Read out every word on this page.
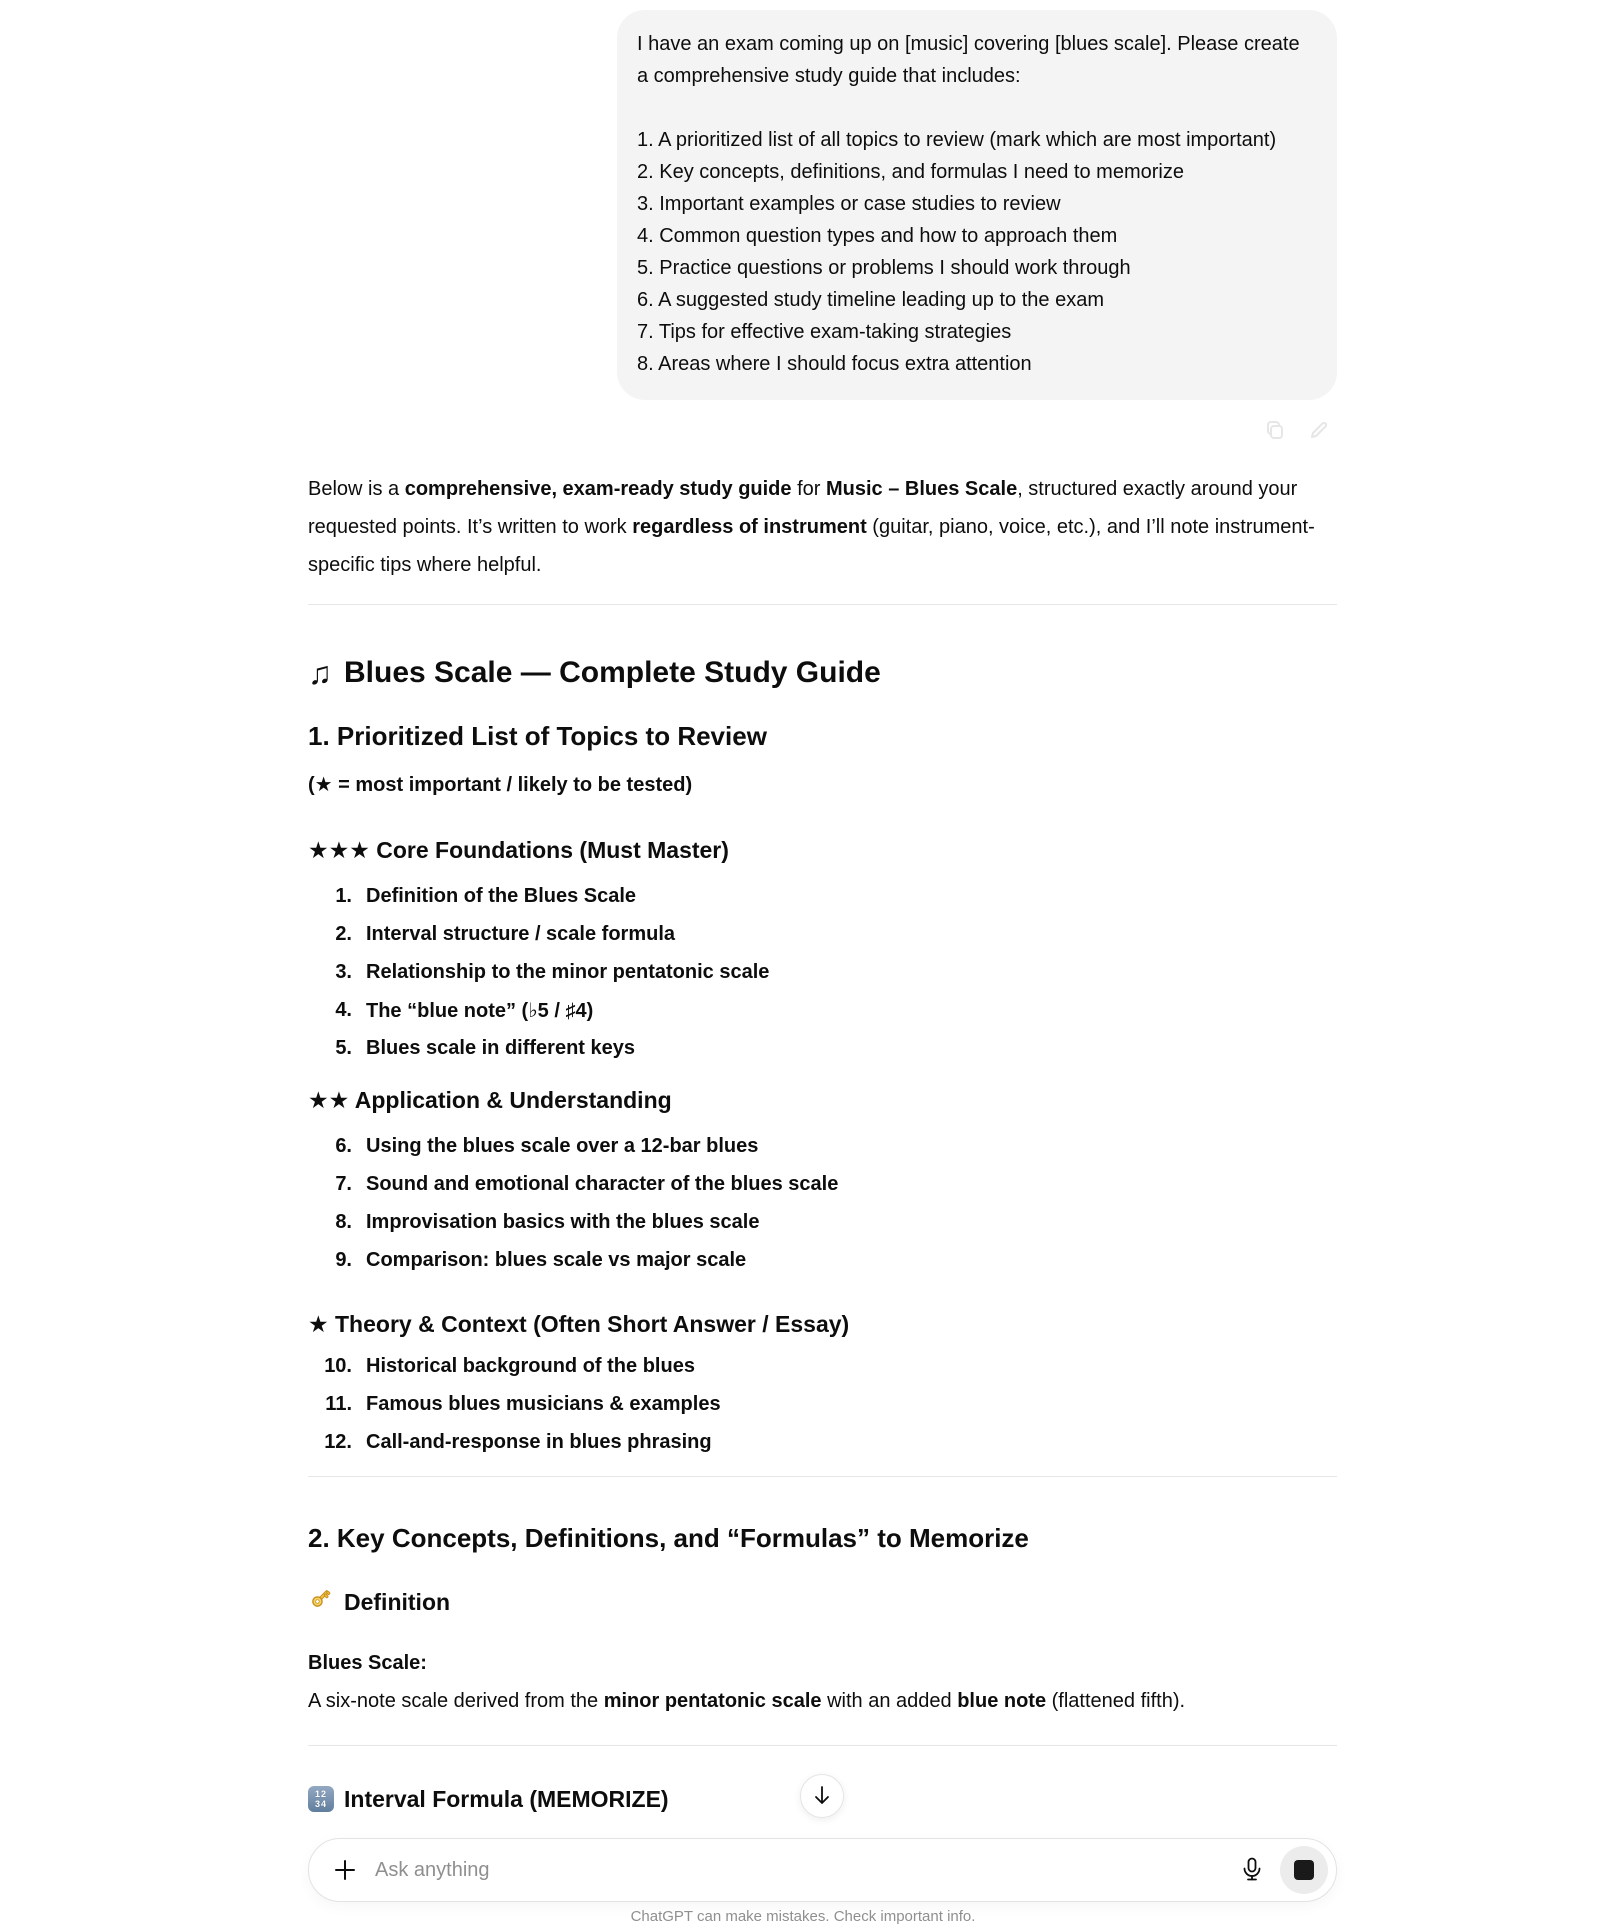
I have an exam coming up on [music] covering [blues scale]. Please create a comprehensive study guide that includes:
1. A prioritized list of all topics to review (mark which are most important)
2. Key concepts, definitions, and formulas I need to memorize
3. Important examples or case studies to review
4. Common question types and how to approach them
5. Practice questions or problems I should work through
6. A suggested study timeline leading up to the exam
7. Tips for effective exam-taking strategies
8. Areas where I should focus extra attention

Below is a comprehensive, exam-ready study guide for Music – Blues Scale, structured exactly around your requested points. It’s written to work regardless of instrument (guitar, piano, voice, etc.), and I’ll note instrument-specific tips where helpful.

♫ Blues Scale — Complete Study Guide
1. Prioritized List of Topics to Review

(★ = most important / likely to be tested)

★★★ Core Foundations (Must Master)
1. Definition of the Blues Scale
2. Interval structure / scale formula
3. Relationship to the minor pentatonic scale
4. The “blue note” (♭5 / ♯4)
5. Blues scale in different keys
★★ Application & Understanding
6. Using the blues scale over a 12-bar blues
7. Sound and emotional character of the blues scale
8. Improvisation basics with the blues scale
9. Comparison: blues scale vs major scale
★ Theory & Context (Often Short Answer / Essay)
10. Historical background of the blues
11. Famous blues musicians & examples
12. Call-and-response in blues phrasing
2. Key Concepts, Definitions, and “Formulas” to Memorize
Definition
Blues Scale:
A six-note scale derived from the minor pentatonic scale with an added blue note (flattened fifth).
12
34 Interval Formula (MEMORIZE)
Ask anything
ChatGPT can make mistakes. Check important info.
